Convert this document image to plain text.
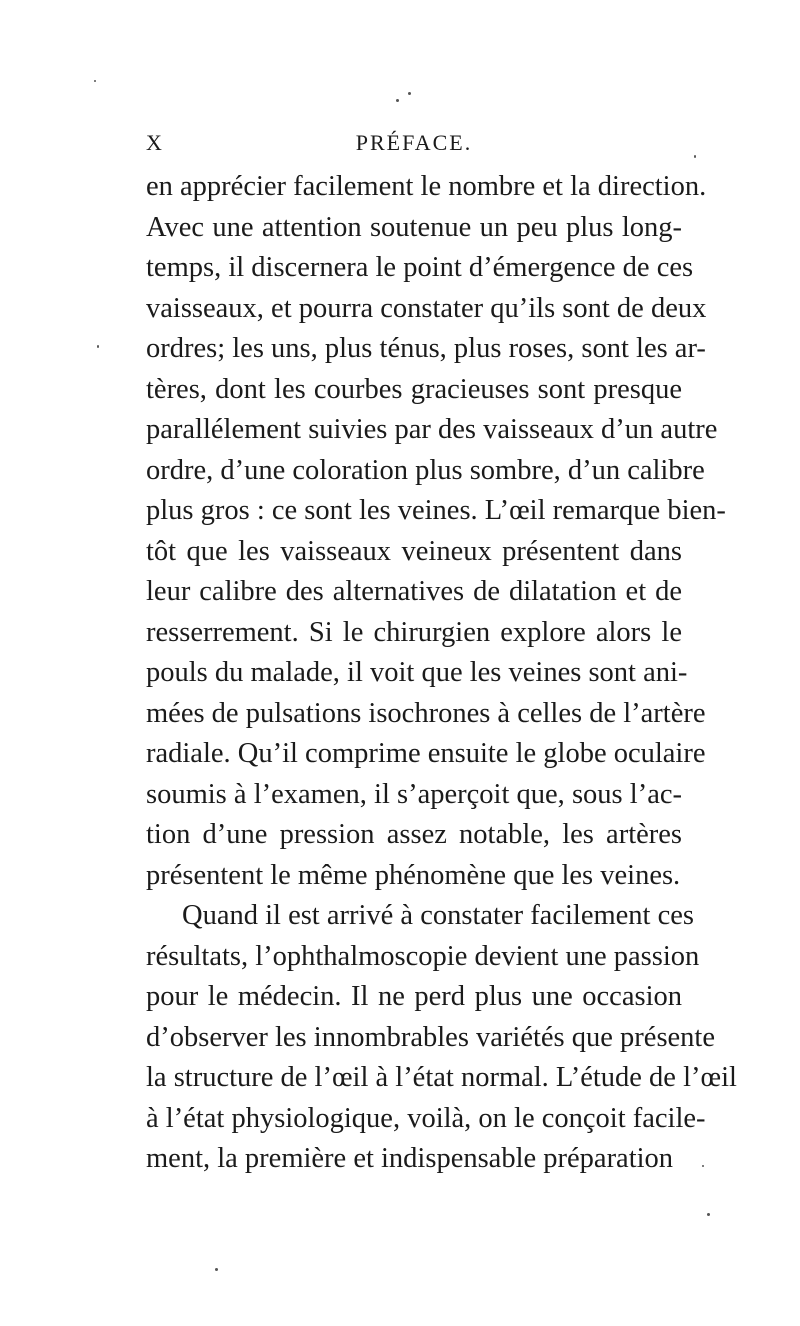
X	PRÉFACE.
en apprécier facilement le nombre et la direction.
Avec une attention soutenue un peu plus long-
temps, il discernera le point d’émergence de ces
vaisseaux, et pourra constater qu’ils sont de deux
ordres; les uns, plus ténus, plus roses, sont les ar-
tères, dont les courbes gracieuses sont presque
parallélement suivies par des vaisseaux d’un autre
ordre, d’une coloration plus sombre, d’un calibre
plus gros : ce sont les veines. L’œil remarque bien-
tôt que les vaisseaux veineux présentent dans
leur calibre des alternatives de dilatation et de
resserrement. Si le chirurgien explore alors le
pouls du malade, il voit que les veines sont ani-
mées de pulsations isochrones à celles de l’artère
radiale. Qu’il comprime ensuite le globe oculaire
soumis à l’examen, il s’aperçoit que, sous l’ac-
tion d’une pression assez notable, les artères
présentent le même phénomène que les veines.
Quand il est arrivé à constater facilement ces
résultats, l’ophthalmoscopie devient une passion
pour le médecin. Il ne perd plus une occasion
d’observer les innombrables variétés que présente
la structure de l’œil à l’état normal. L’étude de l’œil
à l’état physiologique, voilà, on le conçoit facile-
ment, la première et indispensable préparation
